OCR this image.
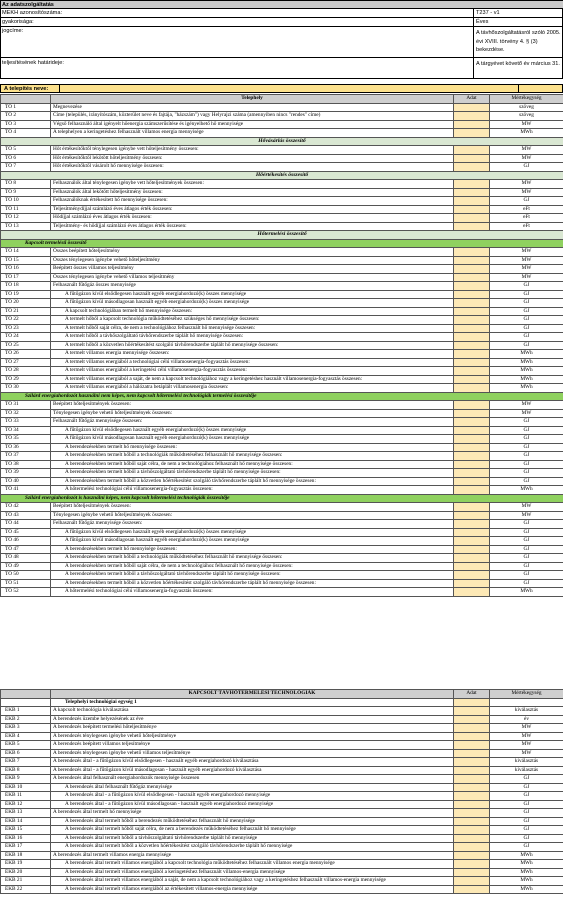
Az adatszolgáltatás
MEKH azonosítószáma:	T237 - v1
gyakorisága:	Éves
jogcíme:	A távhőszolgáltatásról szóló 2005. évi XVIII. törvény 4. § (3) bekezdése.
teljesítésének határideje:	A tárgyévet követő év március 31.
A telepítés neve:
	Telephely	Adat	Mértékegység
TÖ 1	Megnevezése		szöveg
TÖ 2	Címe (település, irányítószám, közterület neve és fajtája, "házszám") vagy Helyrajzi száma (amennyiben nincs "rendes" címe)		szöveg
TÖ 3	Végső felhasználó által igényelt hőenergia számszerűsítése és igényelhető hő mennyisége		MW
TÖ 4	A telephelyen a keringetéshez felhasznált villamos energia mennyisége		MWh
Hővásárlás összesítő			
TÖ 5	Hőt értékesítőktől ténylegesen igénybe vett hőteljesítmény összesen:		MW
TÖ 6	Hőt értékesítőktől lekötött hőteljesítmény összesen:		MW
TÖ 7	Hőt értékesítőktől vásárolt hő mennyisége összesen:		GJ
Hőértékesítés összesítő			
TÖ 8	Felhasználók által ténylegesen igénybe vett hőteljesítmények összesen:		MW
TÖ 9	Felhasználók által lekötött hőteljesítmény összesen:		MW
TÖ 10	Felhasználóknak értékesített hő mennyisége összesen:		GJ
TÖ 11	Teljesítménydíjjal számlázó éves átlagos érték összesen:		eFt
TÖ 12	Hődíjjal számlázó éves átlagos érték összesen:		eFt
TÖ 13	Teljesítmény- és hődíjjal számlázó éves átlagos érték összesen:		eFt
Hőtermelési összesítő			
Kapcsolt termelésű összesítő			
TÖ 14	Összes beépített hőteljesítmény		MW
TÖ 15	Összes ténylegesen igénybe vehető hőteljesítmény		MW
TÖ 16	Beépített összes villamos teljesítmény		MW
TÖ 17	Összes ténylegesen igénybe vehető villamos teljesítmény		MW
TÖ 18	Felhasznált fűtőgáz összes mennyisége		GJ
TÖ 19	A fűtőgázon kívül elsődlegesen használt egyéb energiahordozó(k) összes mennyisége		GJ
TÖ 20	A fűtőgázon kívül másodlagosan használt egyéb energiahordozó(k) összes mennyisége		GJ
TÖ 21	A kapcsolt technológiában termelt hő mennyisége összesen:		GJ
TÖ 22	A termelt hőből a kapcsolt technológia működtetéséhez szükséges hő mennyisége összesen:		GJ
TÖ 23	A termelt hőből saját célra, de nem a technológiához felhasznált hő mennyisége összesen:		GJ
TÖ 24	A termelt hőből a távhőszolgáltató távhőrendszerbe táplált hő mennyisége összesen:		GJ
TÖ 25	A termelt hőből a közvetlen hőértékesítést szolgáló távhőrendszerbe táplált hő mennyisége összesen:		GJ
TÖ 26	A termelt villamos energia mennyisége összesen:		MWh
TÖ 27	A termelt villamos energiából a technológiai célú villamosenergia-fogyasztás összesen:		MWh
TÖ 28	A termelt villamos energiából a keringetési célú villamosenergia-fogyasztás összesen:		MWh
TÖ 29	A termelt villamos energiából a saját, de nem a kapcsolt technológiához vagy a keringetéshez használt villamosenergia-fogyasztás összesen:		MWh
TÖ 30	A termelt villamos energiából a hálózatra betáplált villamosenergia összesen:		MWh
Szilárd energiahordozót használni nem képes, nem kapcsolt hőtermelési technológiák termelési összesítője			
TÖ 31	Beépített hőteljesítmények összesen:		MW
TÖ 32	Ténylegesen igénybe vehető hőteljesítmények összesen:		MW
TÖ 33	Felhasznált fűtőgáz mennyisége összesen:		GJ
TÖ 34	A fűtőgázon kívül elsődlegesen használt egyéb energiahordozó(k) összes mennyisége		GJ
TÖ 35	A fűtőgázon kívül másodlagosan használt egyéb energiahordozó(k) összes mennyisége		GJ
TÖ 36	A berendezésekben termelt hő mennyisége összesen:		GJ
TÖ 37	A berendezésekben termelt hőből a technológiák működtetéséhez felhasznált hő mennyisége összesen:		GJ
TÖ 38	A berendezésekben termelt hőből saját célra, de nem a technológiához felhasznált hő mennyisége összesen:		GJ
TÖ 39	A berendezésekben termelt hőből a távhőszolgáltató távhőrendszerbe táplált hő mennyisége összesen:		GJ
TÖ 40	A berendezésekben termelt hőből a közvetlen hőértékesítést szolgáló távhőrendszerbe táplált hő mennyisége összesen:		GJ
TÖ 41	A hőtermelési technológiai célú villamosenergia-fogyasztás összesen:		MWh
Szilárd energiahordozót is használni képes, nem kapcsolt hőtermelési technológiák összesítője			
TÖ 42	Beépített hőteljesítmények összesen:		MW
TÖ 43	Ténylegesen igénybe vehető hőteljesítmények összesen:		MW
TÖ 44	Felhasznált fűtőgáz mennyisége összesen:		GJ
TÖ 45	A fűtőgázon kívül elsődlegesen használt egyéb energiahordozó(k) összes mennyisége		GJ
TÖ 46	A fűtőgázon kívül másodlagosan használt egyéb energiahordozó(k) összes mennyisége		GJ
TÖ 47	A berendezésekben termelt hő mennyisége összesen:		GJ
TÖ 48	A berendezésekben termelt hőből a technológiák működtetéséhez felhasznált hő mennyisége összesen:		GJ
TÖ 49	A berendezésekben termelt hőből saját célra, de nem a technológiához felhasznált hő mennyisége összesen:		GJ
TÖ 50	A berendezésekben termelt hőből a távhőszolgáltató távhőrendszerbe táplált hő mennyisége összesen:		GJ
TÖ 51	A berendezésekben termelt hőből a közvetlen hőértékesítést szolgáló távhőrendszerbe táplált hő mennyisége összesen:		GJ
TÖ 52	A hőtermelési technológiai célú villamosenergia-fogyasztás összesen:		MWh
	KAPCSOLT TÁVHŐTERMELÉSI TECHNOLÓGIÁK	Adat	Mértékegység
	Telephelyi technológiai egység 1		
ÉKB 1	A kapcsolt technológia kiválasztása		kiválasztás
ÉKB 2	A berendezés üzembe helyezésének az éve		év
ÉKB 3	A berendezés beépített termelési hőteljesítménye		MW
ÉKB 4	A berendezés ténylegesen igénybe vehető hőteljesítménye		MW
ÉKB 5	A berendezés beépített villamos teljesítménye		MW
ÉKB 6	A berendezés ténylegesen igénybe vehető villamos teljesítménye		MW
ÉKB 7	A berendezés által - a fűtőgázon kívül elsődlegesen - használt egyéb energiahordozó kiválasztása		kiválasztás
ÉKB 8	A berendezés által - a fűtőgázon kívül másodlagosan - használt egyéb energiahordozó kiválasztása		kiválasztás
ÉKB 9	A berendezés által felhasznált energiahordozók mennyisége összesen		GJ
ÉKB 10	A berendezés által felhasznált fűtőgáz mennyisége		GJ
ÉKB 11	A berendezés által - a fűtőgázon kívül elsődlegesen - használt egyéb energiahordozó mennyisége		GJ
ÉKB 12	A berendezés által - a fűtőgázon kívül másodlagosan - használt egyéb energiahordozó mennyisége		GJ
ÉKB 13	A berendezés által termelt hő mennyisége		GJ
ÉKB 14	A berendezés által termelt hőből a berendezés működtetéséhez felhasznált hő mennyisége		GJ
ÉKB 15	A berendezés által termelt hőből saját célra, de nem a berendezés működtetéséhez felhasznált hő mennyisége		GJ
ÉKB 16	A berendezés által termelt hőből a távhőszolgáltató távhőrendszerbe táplált hő mennyisége		GJ
ÉKB 17	A berendezés által termelt hőből a közvetlen hőértékesítést szolgáló távhőrendszerbe táplált hő mennyisége		GJ
ÉKB 18	A berendezés által termelt villamos energia mennyisége		MWh
ÉKB 19	A berendezés által termelt villamos energiából a kapcsolt technológia működtetéséhez felhasznált villamos energia mennyisége		MWh
ÉKB 20	A berendezés által termelt villamos energiából a keringetéshez felhasznált villamos-energia mennyisége		MWh
ÉKB 21	A berendezés által termelt villamos energiából a saját, de nem a kapcsolt technológiához vagy a keringetéshez felhasznált villamos-energia mennyisége		MWh
ÉKB 22	A berendezés által termelt villamos energiából az értékesített villamos-energia mennyisége		MWh
